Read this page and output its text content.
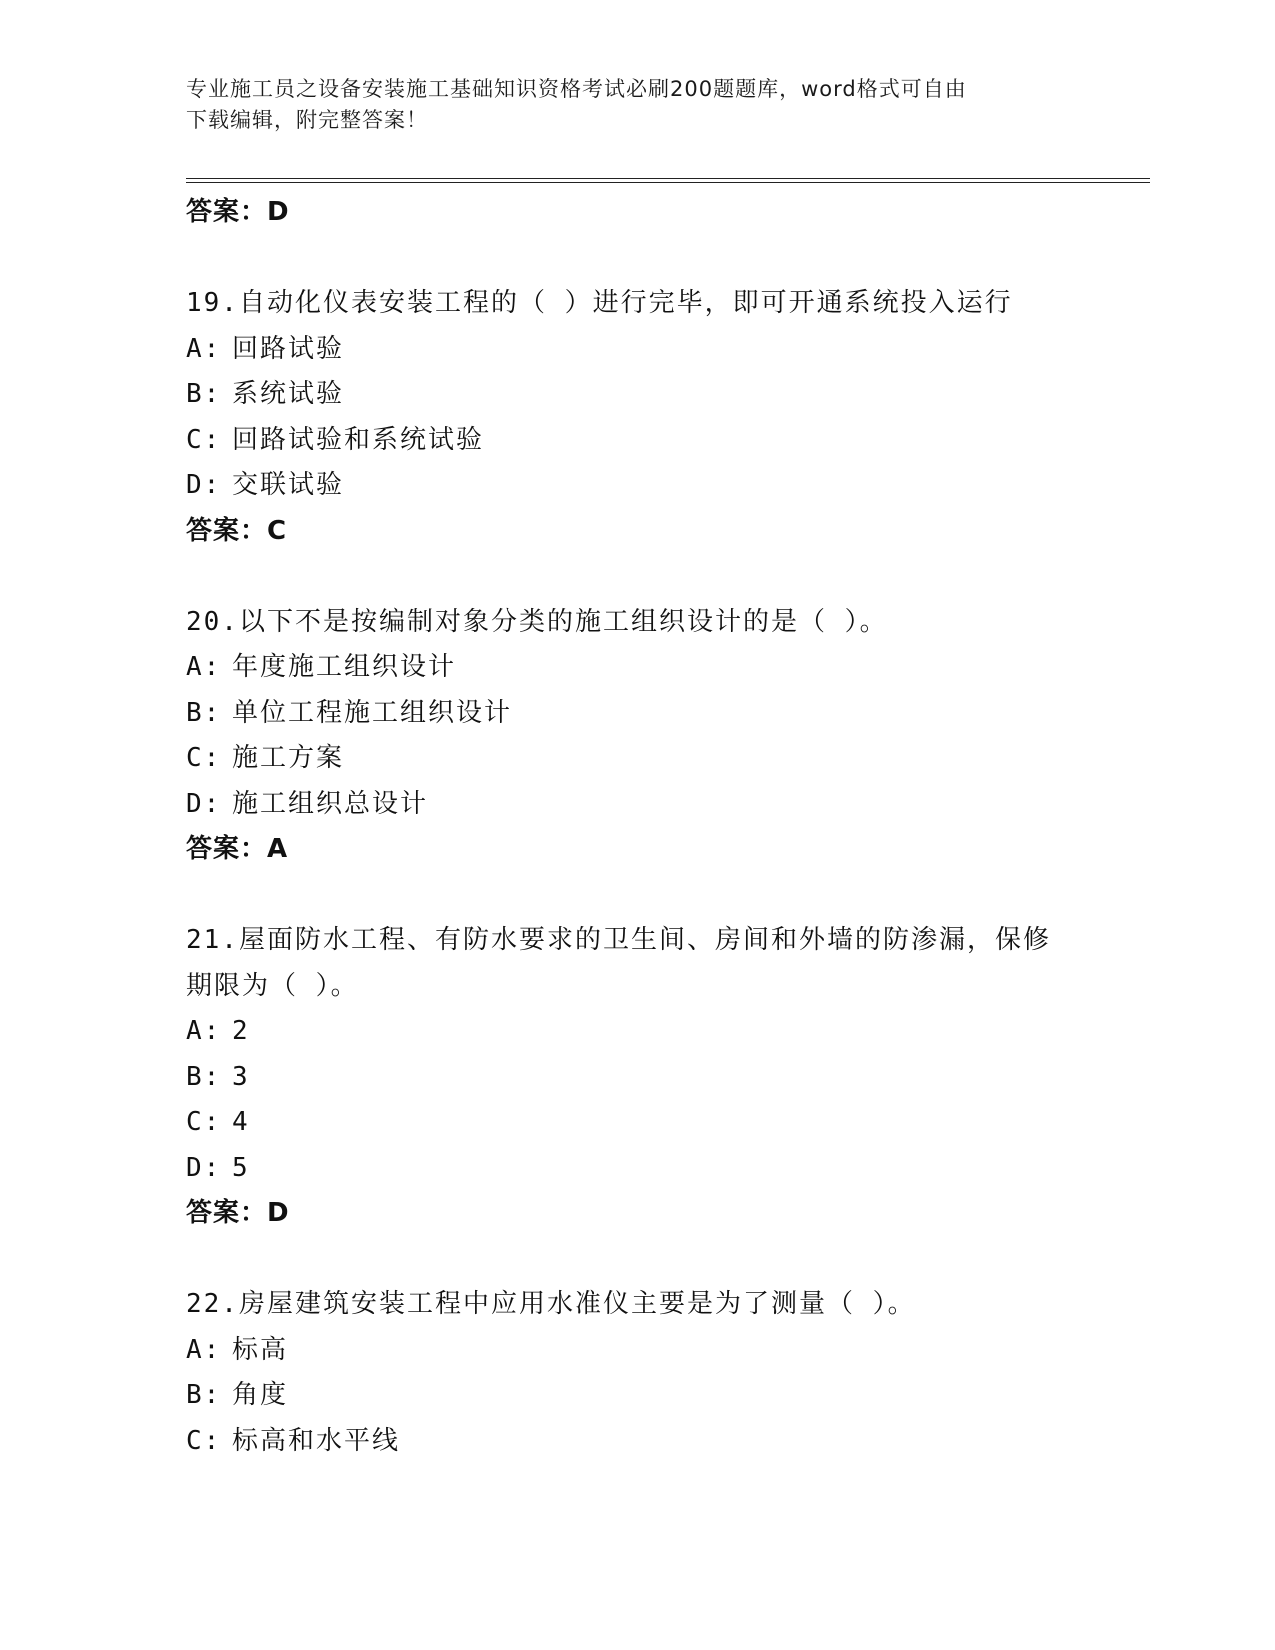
专业施工员之设备安装施工基础知识资格考试必刷200题题库，word格式可自由
下载编辑，附完整答案！
答案：D
19.自动化仪表安装工程的（ ）进行完毕，即可开通系统投入运行
A: 回路试验
B: 系统试验
C: 回路试验和系统试验
D: 交联试验
答案：C
20.以下不是按编制对象分类的施工组织设计的是（ ）。
A: 年度施工组织设计
B: 单位工程施工组织设计
C: 施工方案
D: 施工组织总设计
答案：A
21.屋面防水工程、有防水要求的卫生间、房间和外墙的防渗漏，保修
期限为（ ）。
A: 2
B: 3
C: 4
D: 5
答案：D
22.房屋建筑安装工程中应用水准仪主要是为了测量（ ）。
A: 标高
B: 角度
C: 标高和水平线
